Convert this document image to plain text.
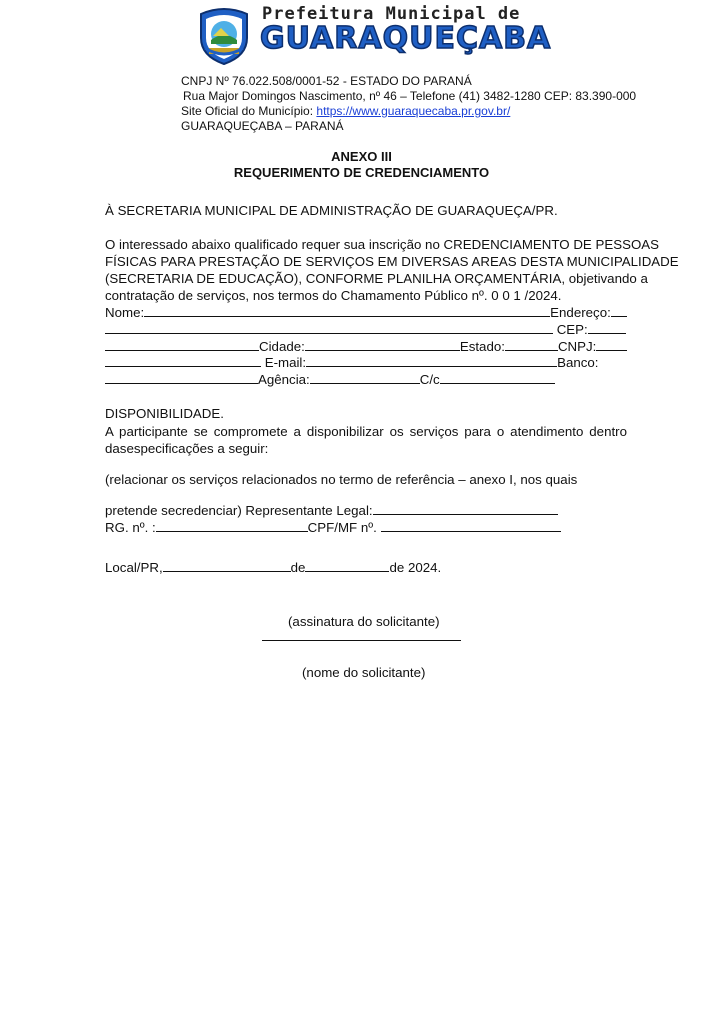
Prefeitura Municipal de
GUARAQUEÇABA
CNPJ Nº 76.022.508/0001-52 - ESTADO DO PARANÁ
Rua Major Domingos Nascimento, nº 46 – Telefone (41) 3482-1280 CEP: 83.390-000
Site Oficial do Município: https://www.guaraquecaba.pr.gov.br/
GUARAQUEÇABA – PARANÁ
ANEXO III
REQUERIMENTO DE CREDENCIAMENTO
À SECRETARIA MUNICIPAL DE ADMINISTRAÇÃO DE GUARAQUEÇA/PR.
O interessado abaixo qualificado requer sua inscrição no CREDENCIAMENTO DE PESSOAS
FÍSICAS PARA PRESTAÇÃO DE SERVIÇOS EM DIVERSAS AREAS DESTA MUNICIPALIDADE
(SECRETARIA DE EDUCAÇÃO), CONFORME PLANILHA ORÇAMENTÁRIA, objetivando a
contratação de serviços, nos termos do Chamamento Público nº. 0 0 1 /2024.
Nome:	Endereço:
CEP:
Cidade:	Estado:	CNPJ:
E-mail:	Banco:
Agência:	C/c
DISPONIBILIDADE.
A participante se compromete a disponibilizar os serviços para o atendimento dentro
dasespecificações a seguir:
(relacionar os serviços relacionados no termo de referência – anexo I, nos quais
pretende secredenciar) Representante Legal:
RG. nº. :	CPF/MF nº.
Local/PR,	de	de 2024.
(assinatura do solicitante)
(nome do solicitante)
